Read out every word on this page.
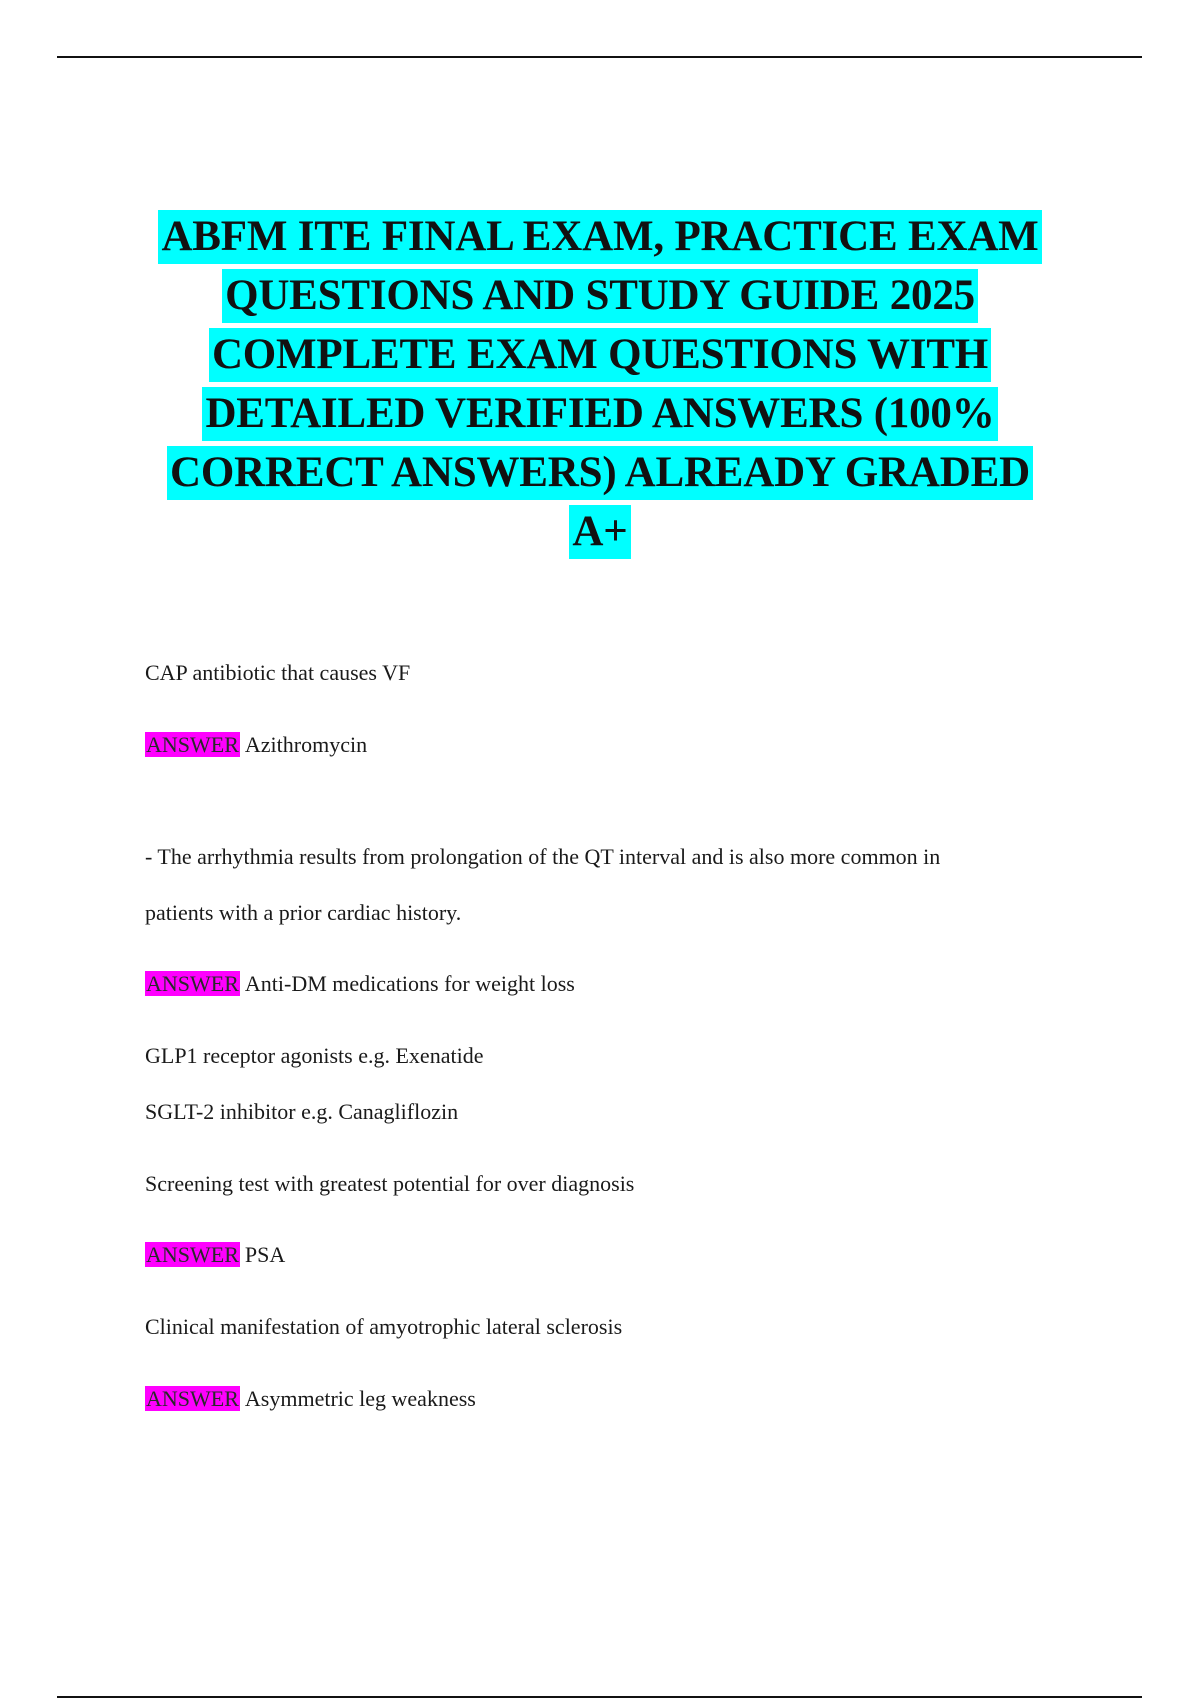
ABFM ITE FINAL EXAM, PRACTICE EXAM
QUESTIONS AND STUDY GUIDE 2025
COMPLETE EXAM QUESTIONS WITH
DETAILED VERIFIED ANSWERS (100%
CORRECT ANSWERS) ALREADY GRADED
A+
CAP antibiotic that causes VF
ANSWER Azithromycin
- The arrhythmia results from prolongation of the QT interval and is also more common in
patients with a prior cardiac history.
ANSWER Anti-DM medications for weight loss
GLP1 receptor agonists e.g. Exenatide
SGLT-2 inhibitor e.g. Canagliflozin
Screening test with greatest potential for over diagnosis
ANSWER PSA
Clinical manifestation of amyotrophic lateral sclerosis
ANSWER Asymmetric leg weakness
